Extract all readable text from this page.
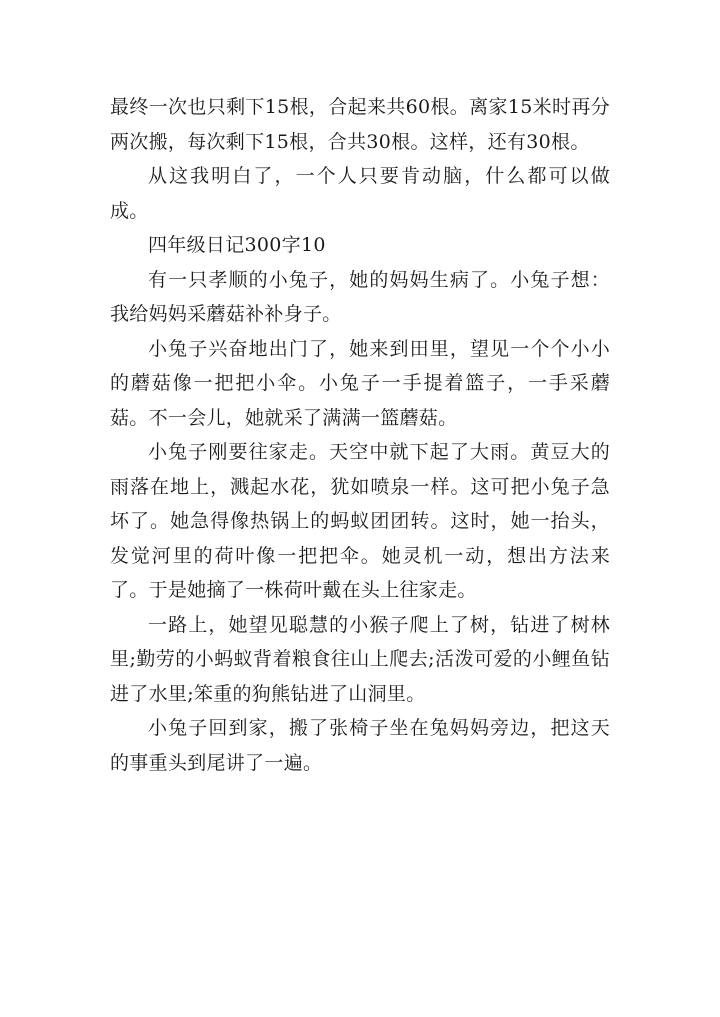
最终一次也只剩下15根，合起来共60根。离家15米时再分两次搬，每次剩下15根，合共30根。这样，还有30根。

从这我明白了，一个人只要肯动脑，什么都可以做成。

四年级日记300字10

有一只孝顺的小兔子，她的妈妈生病了。小兔子想：我给妈妈采蘑菇补补身子。

小兔子兴奋地出门了，她来到田里，望见一个个小小的蘑菇像一把把小伞。小兔子一手提着篮子，一手采蘑菇。不一会儿，她就采了满满一篮蘑菇。

小兔子刚要往家走。天空中就下起了大雨。黄豆大的雨落在地上，溅起水花，犹如喷泉一样。这可把小兔子急坏了。她急得像热锅上的蚂蚁团团转。这时，她一抬头，发觉河里的荷叶像一把把伞。她灵机一动，想出方法来了。于是她摘了一株荷叶戴在头上往家走。

一路上，她望见聪慧的小猴子爬上了树，钻进了树林里;勤劳的小蚂蚁背着粮食往山上爬去;活泼可爱的小鲤鱼钻进了水里;笨重的狗熊钻进了山洞里。

小兔子回到家，搬了张椅子坐在兔妈妈旁边，把这天的事重头到尾讲了一遍。
